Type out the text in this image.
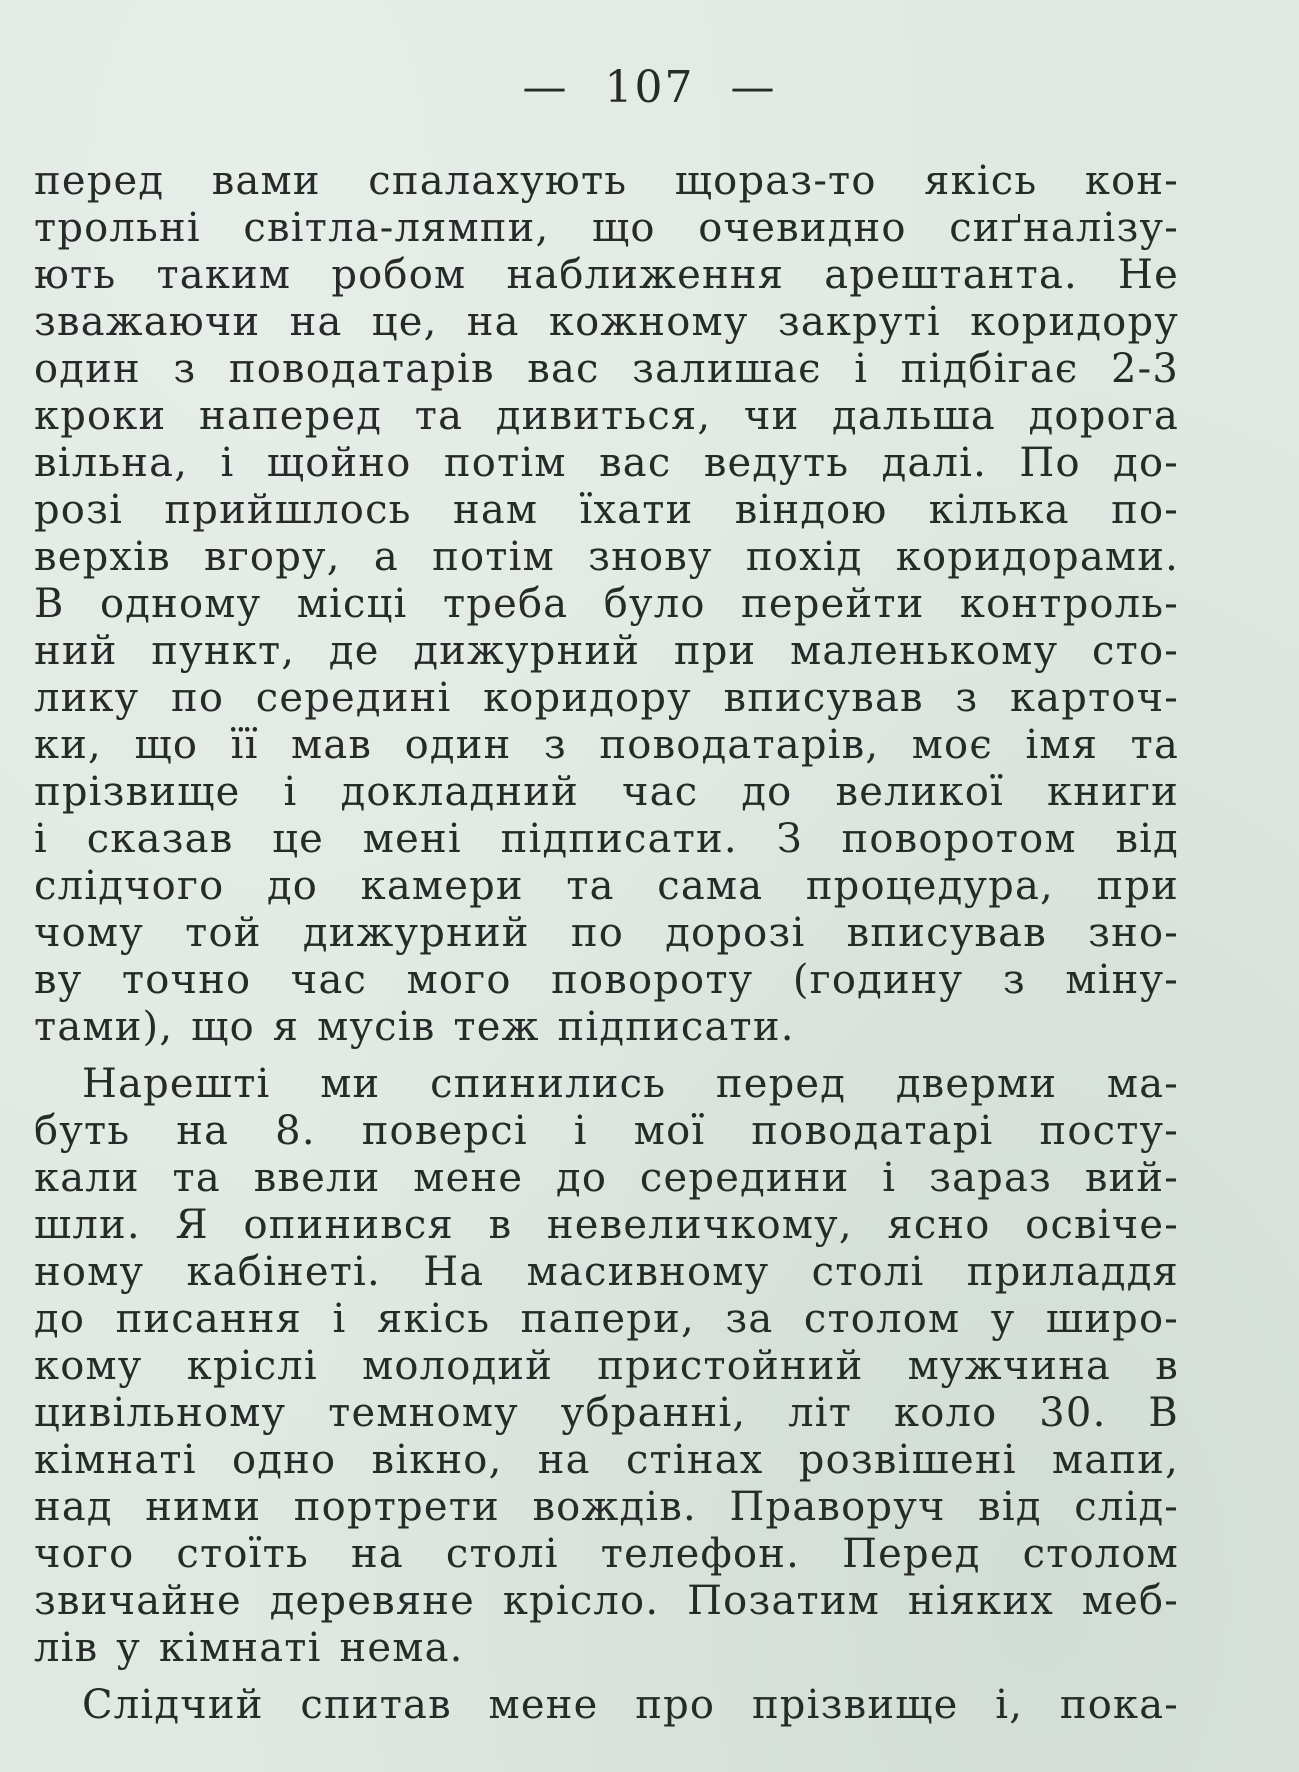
— 107 —
перед вами спалахують щораз-то якісь кон-
трольні світла-лямпи, що очевидно сиґналізу-
ють таким робом наближення арештанта. Не
зважаючи на це, на кожному закруті коридору
один з поводатарів вас залишає і підбігає 2-3
кроки наперед та дивиться, чи дальша дорога
вільна, і щойно потім вас ведуть далі. По до-
розі прийшлось нам їхати віндою кілька по-
верхів вгору, а потім знову похід коридорами.
В одному місці треба було перейти контроль-
ний пункт, де дижурний при маленькому сто-
лику по середині коридору вписував з карточ-
ки, що її мав один з поводатарів, моє імя та
прізвище і докладний час до великої книги
і сказав це мені підписати. З поворотом від
слідчого до камери та сама процедура, при
чому той дижурний по дорозі вписував зно-
ву точно час мого повороту (годину з міну-
тами), що я мусів теж підписати.
Нарешті ми спинились перед дверми ма-
буть на 8. поверсі і мої поводатарі посту-
кали та ввели мене до середини і зараз вий-
шли. Я опинився в невеличкому, ясно освіче-
ному кабінеті. На масивному столі приладдя
до писання і якісь папери, за столом у широ-
кому кріслі молодий пристойний мужчина в
цивільному темному убранні, літ коло 30. В
кімнаті одно вікно, на стінах розвішені мапи,
над ними портрети вождів. Праворуч від слід-
чого стоїть на столі телефон. Перед столом
звичайне деревяне крісло. Позатим ніяких меб-
лів у кімнаті нема.
Слідчий спитав мене про прізвище і, пока-
